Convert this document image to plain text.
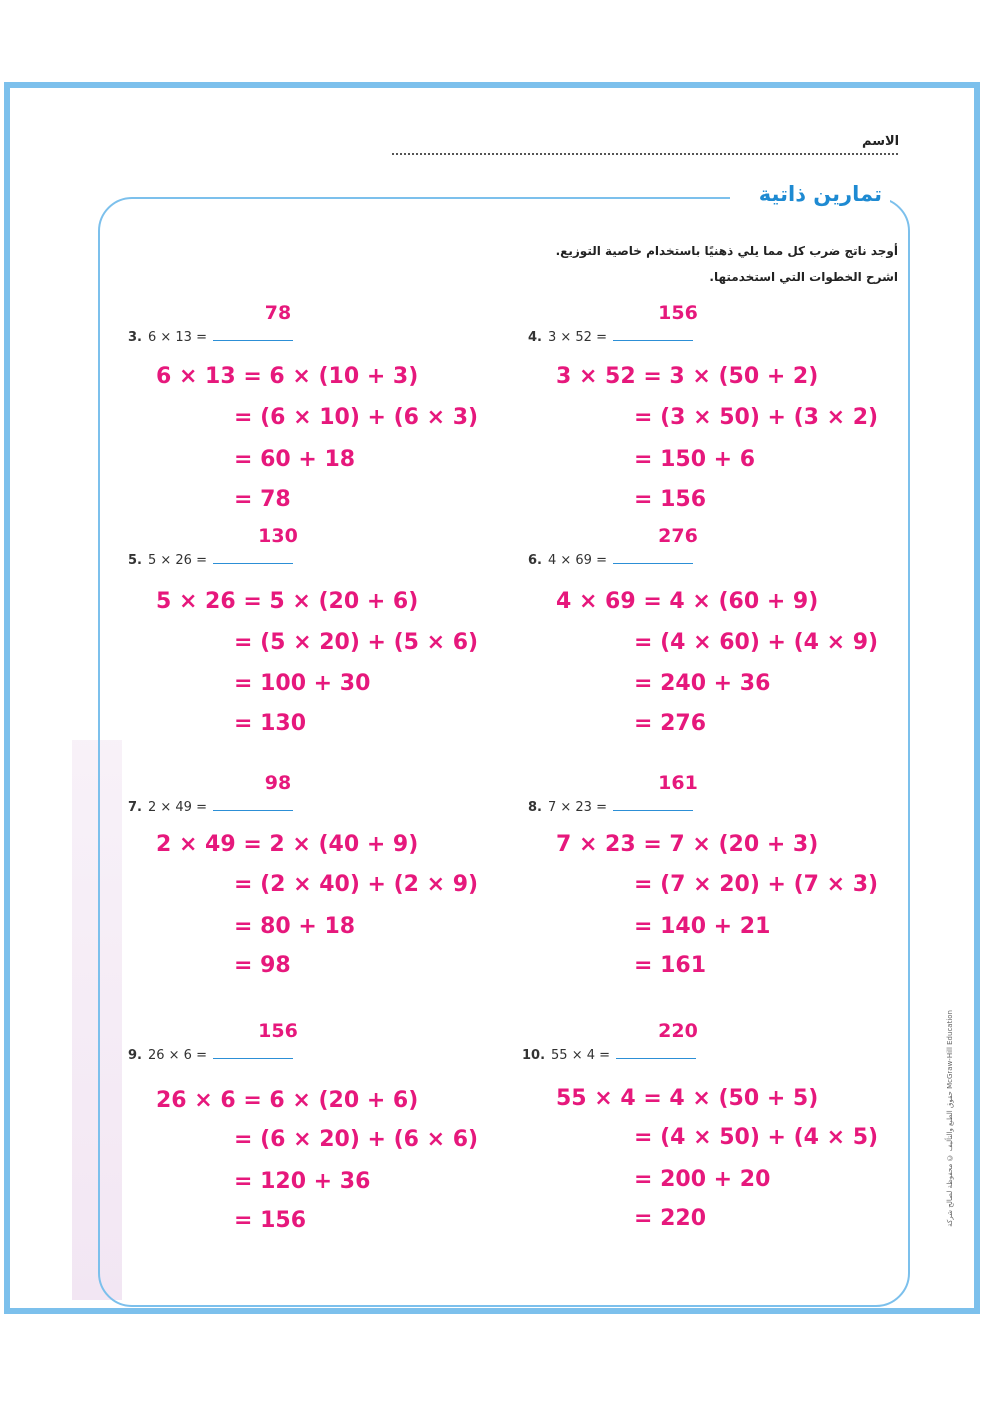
الاسم
تمارين ذاتية
أوجد ناتج ضرب كل مما يلي ذهنيًا باستخدام خاصية التوزيع.
اشرح الخطوات التي استخدمتها.
78
3. 6 × 13 =
6 × 13 = 6 × (10 + 3)
= (6 × 10) + (6 × 3)
= 60 + 18
= 78
156
4. 3 × 52 =
3 × 52 = 3 × (50 + 2)
= (3 × 50) + (3 × 2)
= 150 + 6
= 156
130
5. 5 × 26 =
5 × 26 = 5 × (20 + 6)
= (5 × 20) + (5 × 6)
= 100 + 30
= 130
276
6. 4 × 69 =
4 × 69 = 4 × (60 + 9)
= (4 × 60) + (4 × 9)
= 240 + 36
= 276
98
7. 2 × 49 =
2 × 49 = 2 × (40 + 9)
= (2 × 40) + (2 × 9)
= 80 + 18
= 98
161
8. 7 × 23 =
7 × 23 = 7 × (20 + 3)
= (7 × 20) + (7 × 3)
= 140 + 21
= 161
156
9. 26 × 6 =
26 × 6 = 6 × (20 + 6)
= (6 × 20) + (6 × 6)
= 120 + 36
= 156
220
10. 55 × 4 =
55 × 4 = 4 × (50 + 5)
= (4 × 50) + (4 × 5)
= 200 + 20
= 220	حقوق الطبع والتأليف © محفوظة لصالح شركة McGraw-Hill Education
